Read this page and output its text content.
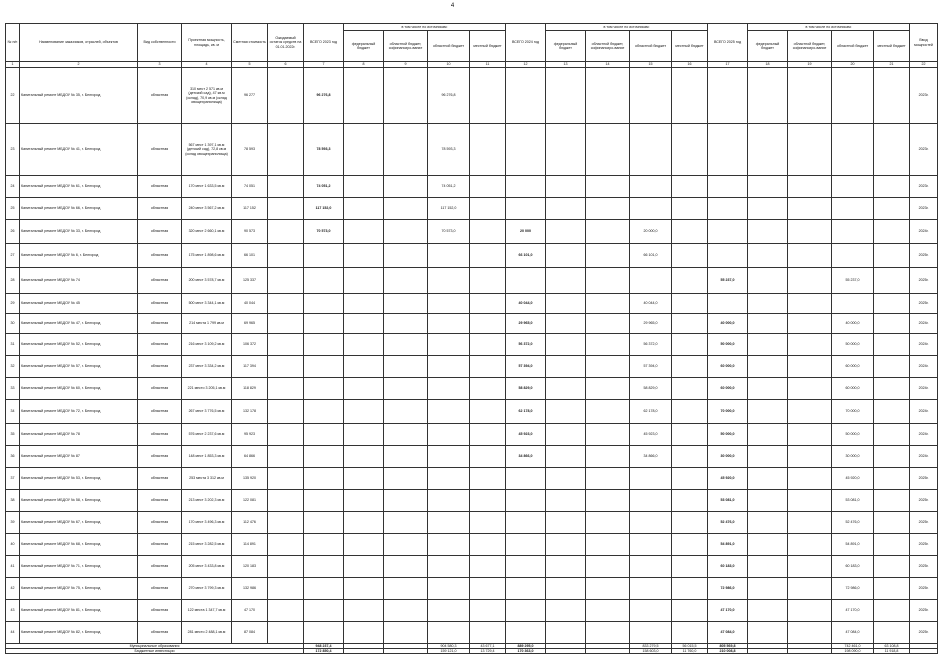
4
№ п/п	Наименование заказчиков, отраслей, объектов	Вид собственности	Проектная мощность, площадь, кв. м	Сметная стоимость	Ожидаемый остаток средств на 01.01.2022г.	ВСЕГО 2023 год	в том числе по источникам:				ВСЕГО 2024 год	в том числе по источникам:				ВСЕГО 2025 год	в том числе по источникам:				Ввод мощностей
							федеральный бюджет	областной бюджет, софинансиро-вание	областной бюджет	местный бюджет		федеральный бюджет	областной бюджет, софинансиро-вание	областной бюджет	местный бюджет		федеральный бюджет	областной бюджет, софинансиро-вание	областной бюджет	местный бюджет	
1	2	3	4	5	6	7	8	9	10	11	12	13	14	15	16	17	18	19	20	21	22
22	Капитальный ремонт МБДОУ № 35, г. Белгород	областная	310 мест 2 571 кв.м (детский сад), 47 кв.м (склад), 70,9 кв.м (склад овощехранилища)	96 277		96 276,8			96 276,8												2023г.
23	Капитальный ремонт МБДОУ № 41, г. Белгород	областная	567 мест 1 397,1 кв.м (детский сад), 72,8 кв.м (склад овощехранилища)	78 593		78 593,3			78 593,3												2023г.
24	Капитальный ремонт МБДОУ № 61, г. Белгород	областная	170 мест 1 633,5 кв.м	74 051		74 051,2			74 051,2												2023г.
25	Капитальный ремонт МБДОУ № 66, г. Белгород	областная	240 мест 3 567,2 кв.м	117 152		117 152,0			117 152,0												2023г.
26	Капитальный ремонт МБДОУ № 33, г. Белгород	областная	320 мест 2 660,1 кв.м	90 573		70 573,0			70 573,0		20 000			20 000,0							2024г.
27	Капитальный ремонт МБДОУ № 6, г. Белгород	областная	175 мест 1 898,6 кв.м	66 101							66 101,0			66 101,0							2025г.
28	Капитальный ремонт МБДОУ № 74	областная	200 мест 3 578,7 кв.м	125 337												55 237,0			55 237,0		2025г.
29	Капитальный ремонт МБДОУ № 45	областная	500 мест 3 344,1 кв.м	40 044							40 044,0			40 044,0							2025г.
30	Капитальный ремонт МБДОУ № 47, г. Белгород	областная	214 места 1 799 кв.м	69 965							29 965,0			29 965,0		40 000,0			40 000,0		2024г.
31	Капитальный ремонт МБДОУ № 52, г. Белгород	областная	216 мест 3 109,2 кв.м	106 372							56 372,0			56 372,0		50 000,0			50 000,0		2024г.
32	Капитальный ремонт МБДОУ № 57, г. Белгород	областная	237 мест 3 334,2 кв.м	117 394							57 394,0			57 394,0		60 000,0			60 000,0		2024г.
33	Капитальный ремонт МБДОУ № 60, г. Белгород	областная	221 место 3 205,1 кв.м	118 829							58 829,0			58 829,0		60 000,0			60 000,0		2024г.
34	Капитальный ремонт МБДОУ № 72, г. Белгород	областная	267 мест 3 776,5 кв.м	132 178							62 178,0			62 178,0		70 000,0			70 000,0		2024г.
35	Капитальный ремонт МБДОУ № 78	областная	576 мест 2 237,6 кв.м	95 923							45 923,0			45 923,0		50 000,0			50 000,0		2024г.
36	Капитальный ремонт МБДОУ № 87	областная	148 мест 1 853,3 кв.м	64 866							34 866,0			34 866,0		30 000,0			30 000,0		2024г.
37	Капитальный ремонт МБДОУ № 53, г. Белгород	областная	253 места 3 312 кв.м	135 920												45 920,0			45 920,0		2025г.
38	Капитальный ремонт МБДОУ № 58, г. Белгород	областная	213 мест 3 202,3 кв.м	122 081												53 081,0			53 081,0		2025г.
39	Капитальный ремонт МБДОУ № 67, г. Белгород	областная	170 мест 3 496,3 кв.м	112 476												52 476,0			52 476,0		2025г.
40	Капитальный ремонт МБДОУ № 68, г. Белгород	областная	215 мест 3 282,5 кв.м	114 891												54 891,0			54 891,0		2025г.
41	Капитальный ремонт МБДОУ № 71, г. Белгород	областная	205 мест 3 433,8 кв.м	120 183												60 183,0			60 183,0		2025г.
42	Капитальный ремонт МБДОУ № 75, г. Белгород	областная	270 мест 3 799,3 кв.м	132 986												72 986,0			72 986,0		2025г.
43	Капитальный ремонт МБДОУ № 81, г. Белгород	областная	122 места 1 347,7 кв.м	47 170												47 170,0			47 170,0		2025г.
44	Капитальный ремонт МБДОУ № 82, г. Белгород	областная	281 место 2 488,1 кв.м	87 084												47 084,0			47 084,0		2025г.
Муниципальные образования						948 237,4			904 580,3	43 677,1	889 295,0			833 279,5	56 015,5	805 569,8			742 461,0	63 108,8	
Бюджетные инвестиции						172 850,4			159 121,0	13 729,4	170 363,0			158 603,0	11 760,0	210 008,8			198 090,0	11 918,8	
